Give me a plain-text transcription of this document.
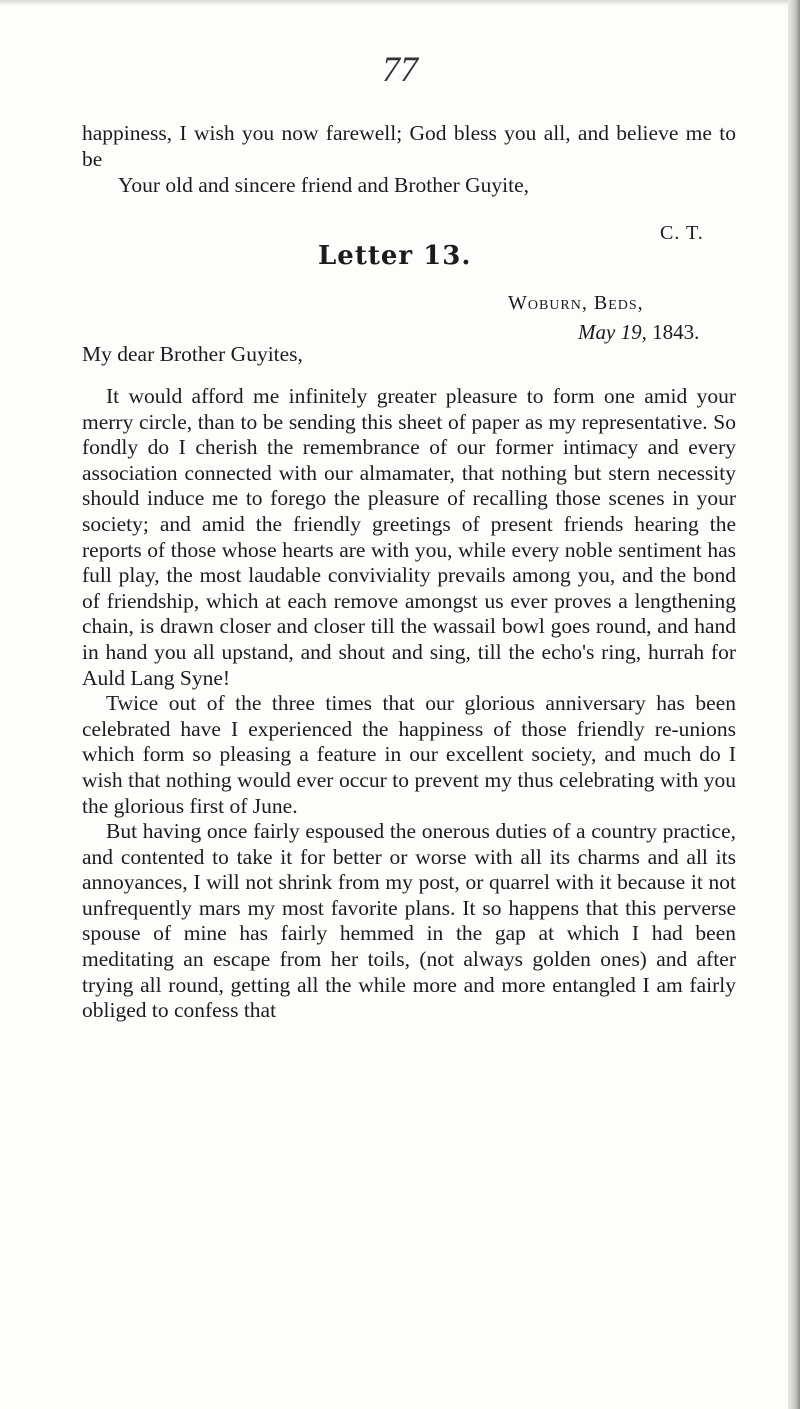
77

happiness, I wish you now farewell; God bless you all, and believe me to be

Your old and sincere friend and Brother Guyite,

C. T.

Letter 13.

Woburn, Beds,

May 19, 1843.

My dear Brother Guyites,

It would afford me infinitely greater pleasure to form one amid your merry circle, than to be sending this sheet of paper as my representative. So fondly do I cherish the remembrance of our former intimacy and every association connected with our almamater, that nothing but stern necessity should induce me to forego the pleasure of recalling those scenes in your society; and amid the friendly greetings of present friends hearing the reports of those whose hearts are with you, while every noble sentiment has full play, the most laudable conviviality prevails among you, and the bond of friendship, which at each remove amongst us ever proves a lengthening chain, is drawn closer and closer till the wassail bowl goes round, and hand in hand you all upstand, and shout and sing, till the echo's ring, hurrah for Auld Lang Syne!

Twice out of the three times that our glorious anniversary has been celebrated have I experienced the happiness of those friendly re-unions which form so pleasing a feature in our excellent society, and much do I wish that nothing would ever occur to prevent my thus celebrating with you the glorious first of June.

But having once fairly espoused the onerous duties of a country practice, and contented to take it for better or worse with all its charms and all its annoyances, I will not shrink from my post, or quarrel with it because it not unfrequently mars my most favorite plans. It so happens that this perverse spouse of mine has fairly hemmed in the gap at which I had been meditating an escape from her toils, (not always golden ones) and after trying all round, getting all the while more and more entangled I am fairly obliged to confess that
